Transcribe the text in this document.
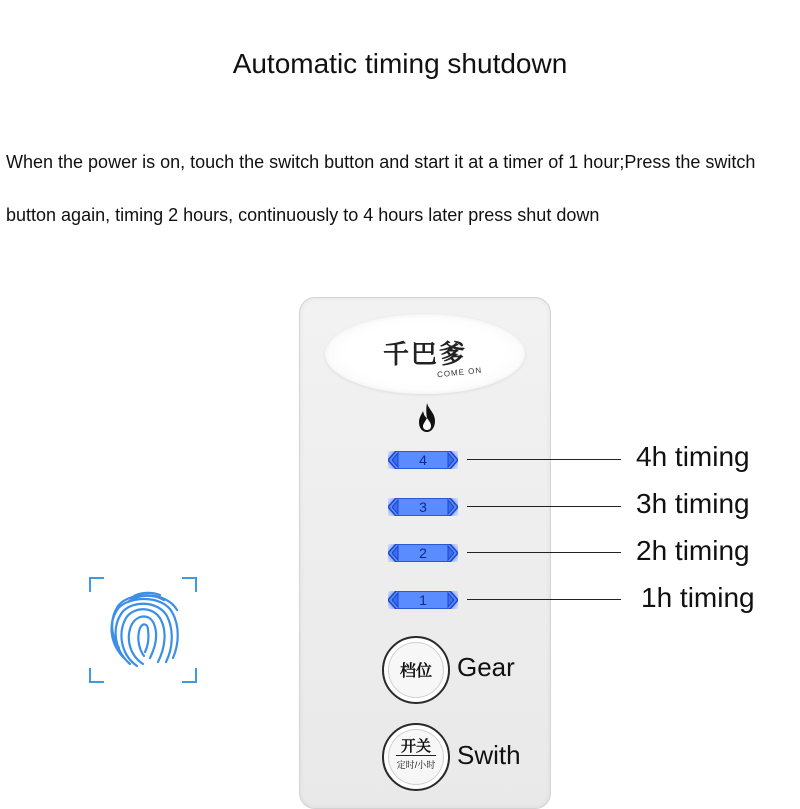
Automatic timing shutdown
When the power is on, touch the switch button and start it at a timer of 1 hour;Press the switch
button again, timing 2 hours, continuously to 4 hours later press shut down
千巴爹
COME ON
4
3
2
1
档位 Gear
开关
定时/小时 Swith
4h timing
3h timing
2h timing
1h timing
